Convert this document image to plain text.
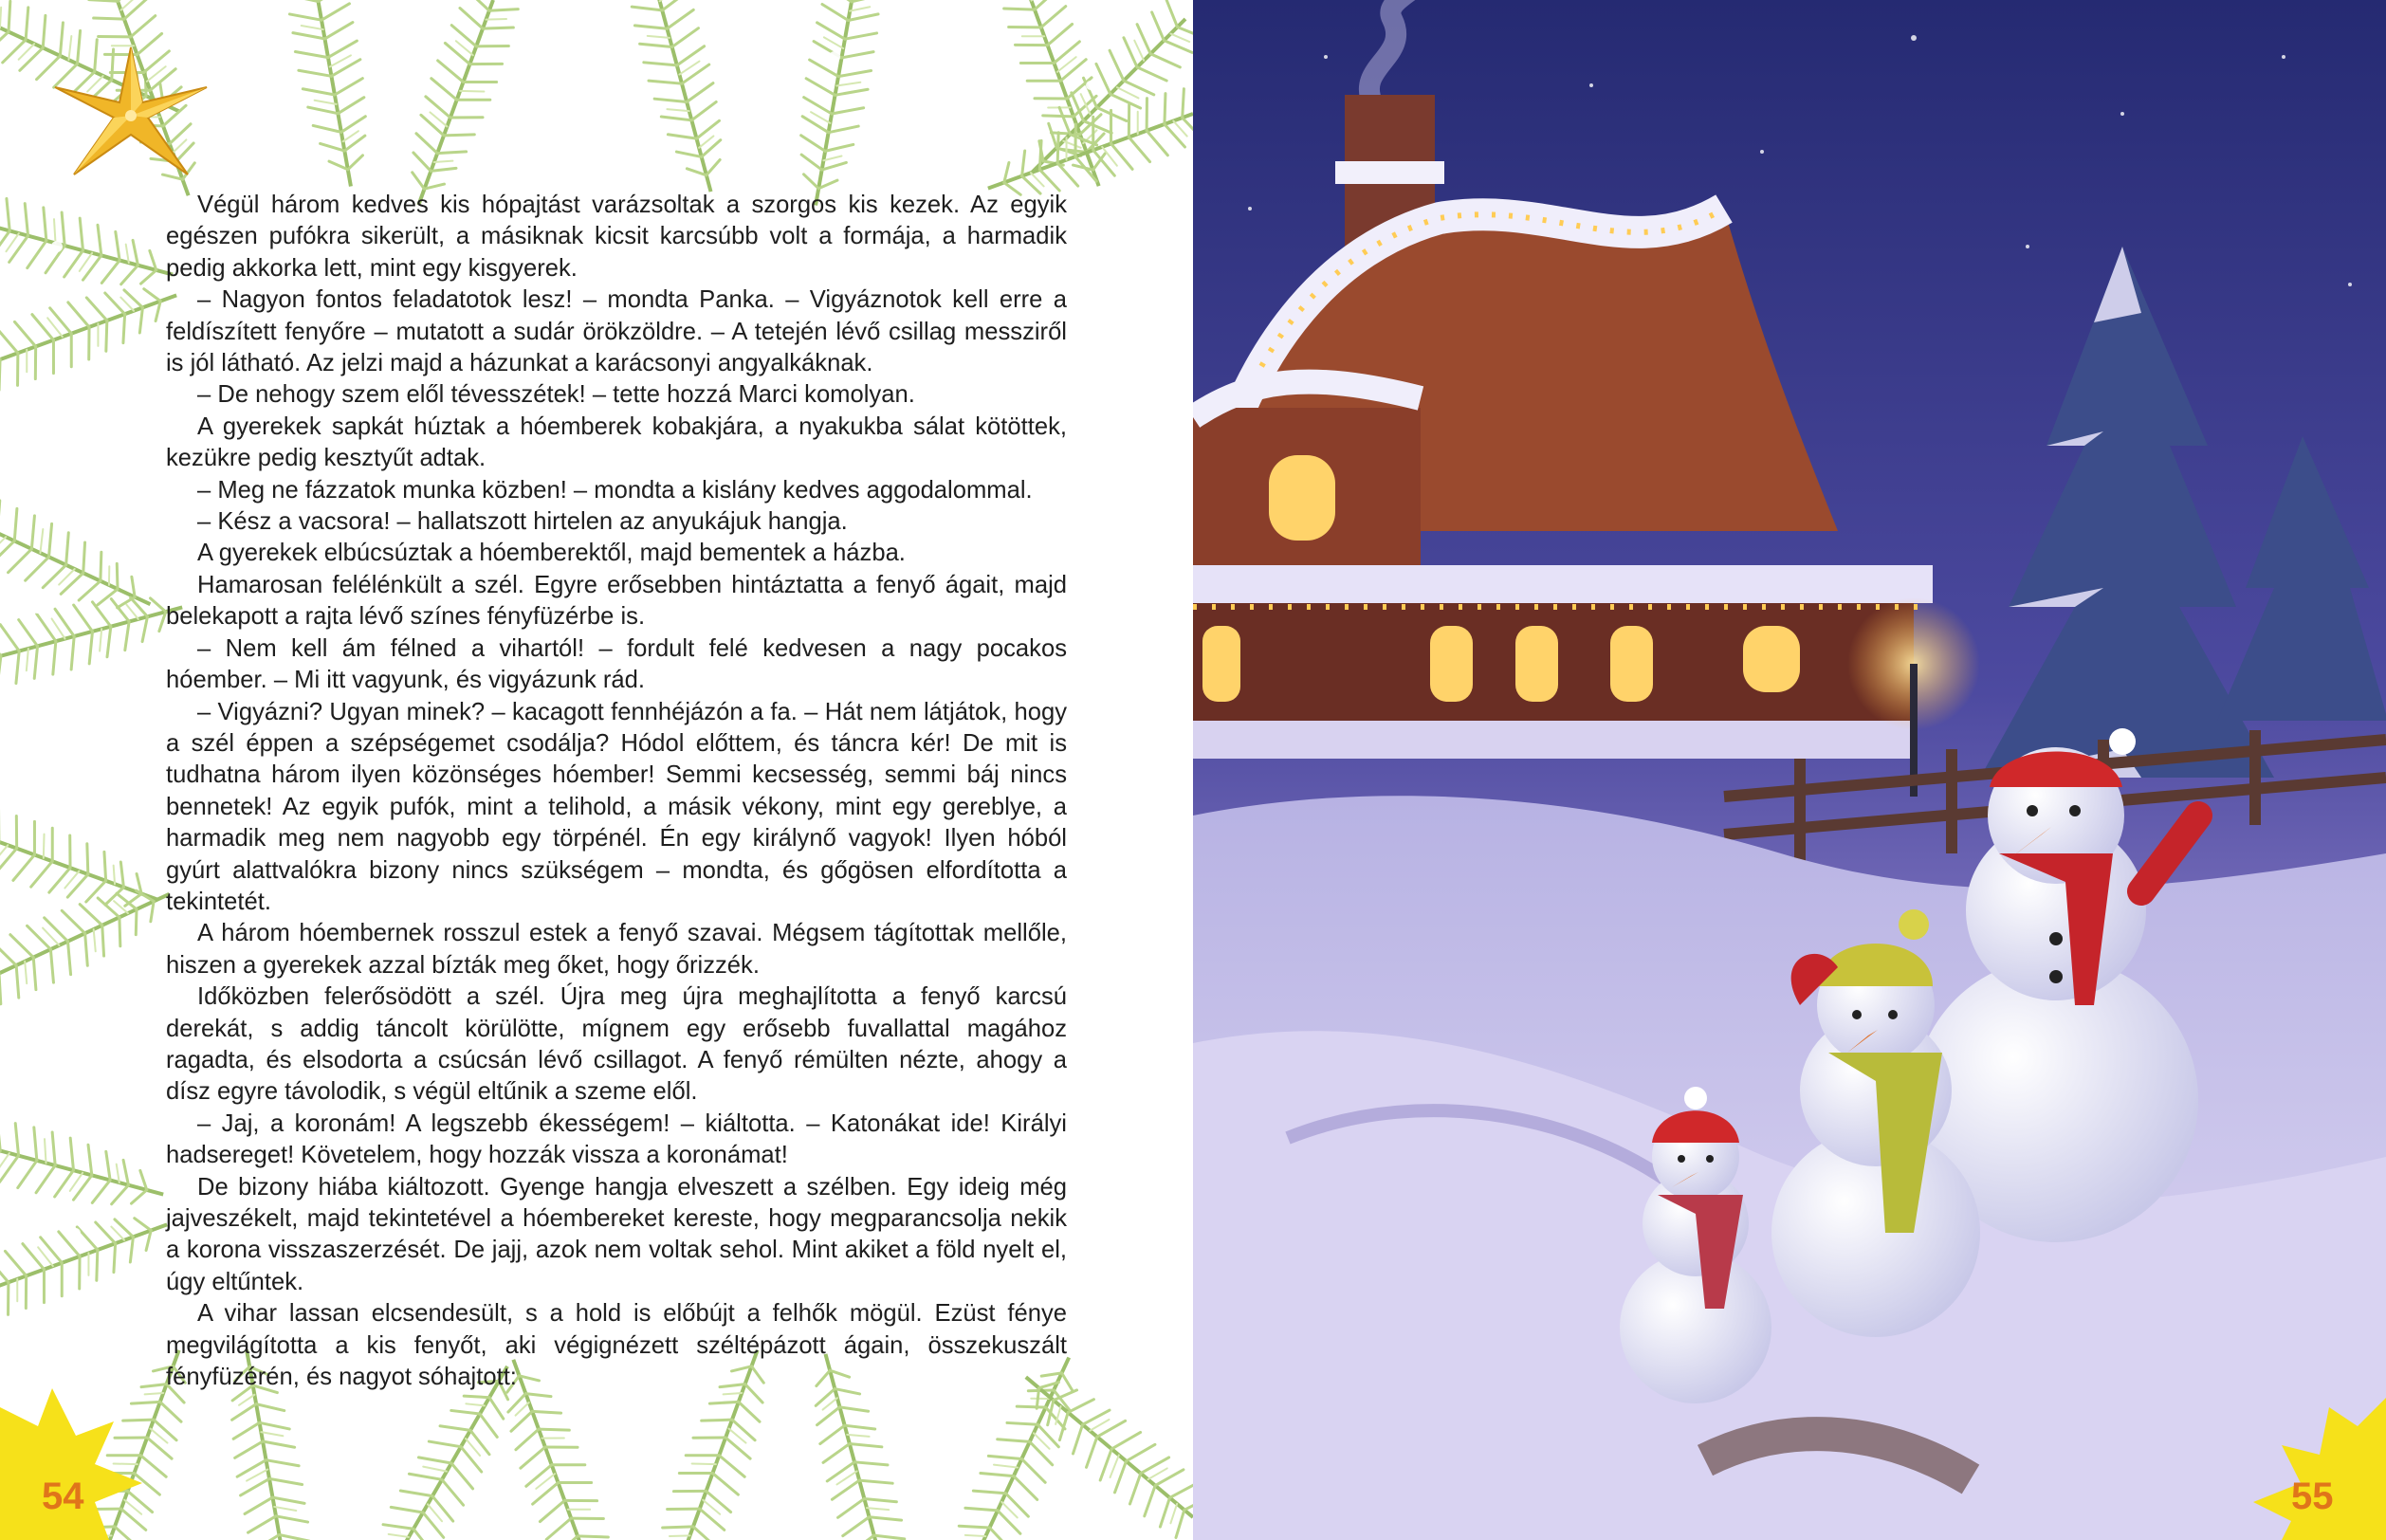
54

Végül három kedves kis hópajtást varázsoltak a szorgos kis kezek. Az egyik egészen pufókra sikerült, a másiknak kicsit karcsúbb volt a formája, a harmadik pedig akkorka lett, mint egy kisgyerek.

– Nagyon fontos feladatotok lesz! – mondta Panka. – Vigyáznotok kell erre a feldíszített fenyőre – mutatott a sudár örökzöldre. – A tetején lévő csillag messziről is jól látható. Az jelzi majd a házunkat a karácsonyi angyalkáknak.

– De nehogy szem elől tévesszétek! – tette hozzá Marci komolyan.

A gyerekek sapkát húztak a hóemberek kobakjára, a nyakukba sálat kötöttek, kezükre pedig kesztyűt adtak.

– Meg ne fázzatok munka közben! – mondta a kislány kedves aggodalommal.

– Kész a vacsora! – hallatszott hirtelen az anyukájuk hangja.

A gyerekek elbúcsúztak a hóemberektől, majd bementek a házba.

Hamarosan felélénkült a szél. Egyre erősebben hintáztatta a fenyő ágait, majd belekapott a rajta lévő színes fényfüzérbe is.

– Nem kell ám félned a vihartól! – fordult felé kedvesen a nagy pocakos hóember. – Mi itt vagyunk, és vigyázunk rád.

– Vigyázni? Ugyan minek? – kacagott fennhéjázón a fa. – Hát nem látjátok, hogy a szél éppen a szépségemet csodálja? Hódol előttem, és táncra kér! De mit is tudhatna három ilyen közönséges hóember! Semmi kecsesség, semmi báj nincs bennetek! Az egyik pufók, mint a telihold, a másik vékony, mint egy gereblye, a harmadik meg nem nagyobb egy törpénél. Én egy királynő vagyok! Ilyen hóból gyúrt alattvalókra bizony nincs szükségem – mondta, és gőgösen elfordította a tekintetét.

A három hóembernek rosszul estek a fenyő szavai. Mégsem tágítottak mellőle, hiszen a gyerekek azzal bízták meg őket, hogy őrizzék.

Időközben felerősödött a szél. Újra meg újra meghajlította a fenyő karcsú derekát, s addig táncolt körülötte, mígnem egy erősebb fuvallattal magához ragadta, és elsodorta a csúcsán lévő csillagot. A fenyő rémülten nézte, ahogy a dísz egyre távolodik, s végül eltűnik a szeme elől.

– Jaj, a koronám! A legszebb ékességem! – kiáltotta. – Katonákat ide! Királyi hadsereget! Követelem, hogy hozzák vissza a koronámat!

De bizony hiába kiáltozott. Gyenge hangja elveszett a szélben. Egy ideig még jajveszékelt, majd tekintetével a hóembereket kereste, hogy megparancsolja nekik a korona visszaszerzését. De jajj, azok nem voltak sehol. Mint akiket a föld nyelt el, úgy eltűntek.

A vihar lassan elcsendesült, s a hold is előbújt a felhők mögül. Ezüst fénye megvilágította a kis fenyőt, aki végignézett széltépázott ágain, összekuszált fényfüzérén, és nagyot sóhajtott:

55
